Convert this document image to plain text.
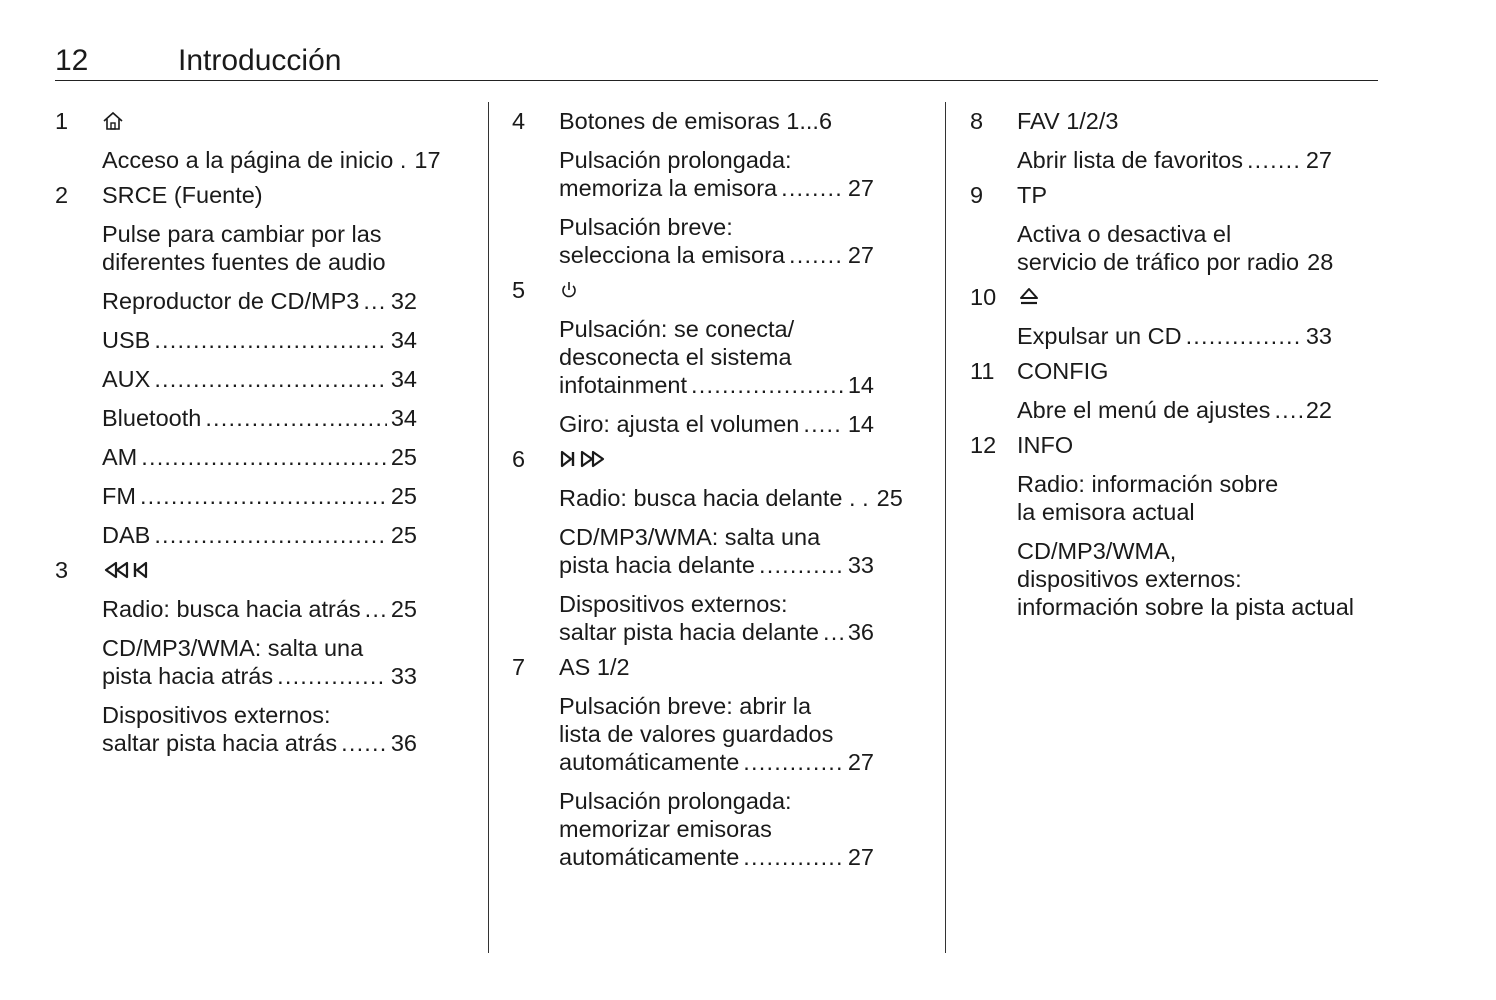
12	Introducción
1
Acceso a la página de inicio . 17
2 SRCE (Fuente)
Pulse para cambiar por las
diferentes fuentes de audio
Reproductor de CD/MP3 ..... 32
USB .....	34
AUX .....	34
Bluetooth .....	34
AM .....	25
FM .....	25
DAB .....	25
3
Radio: busca hacia atrás ..... 25
CD/MP3/WMA: salta una
pista hacia atrás .....	33
Dispositivos externos:
saltar pista hacia atrás ..... 36
4 Botones de emisoras 1...6
Pulsación prolongada:
memoriza la emisora .....	27
Pulsación breve:
selecciona la emisora .....	27
5
Pulsación: se conecta/
desconecta el sistema
infotainment .....	14
Giro: ajusta el volumen ..... 14
6
Radio: busca hacia delante . . 25
CD/MP3/WMA: salta una
pista hacia delante .....	33
Dispositivos externos:
saltar pista hacia delante ..... 36
7 AS 1/2
Pulsación breve: abrir la
lista de valores guardados
automáticamente .....	27
Pulsación prolongada:
memorizar emisoras
automáticamente .....	27
8 FAV 1/2/3
Abrir lista de favoritos .....	27
9 TP
Activa o desactiva el
servicio de tráfico por radio 28
10
Expulsar un CD .....	33
11 CONFIG
Abre el menú de ajustes ..... 22
12 INFO
Radio: información sobre
la emisora actual
CD/MP3/WMA,
dispositivos externos:
información sobre la pista actual
